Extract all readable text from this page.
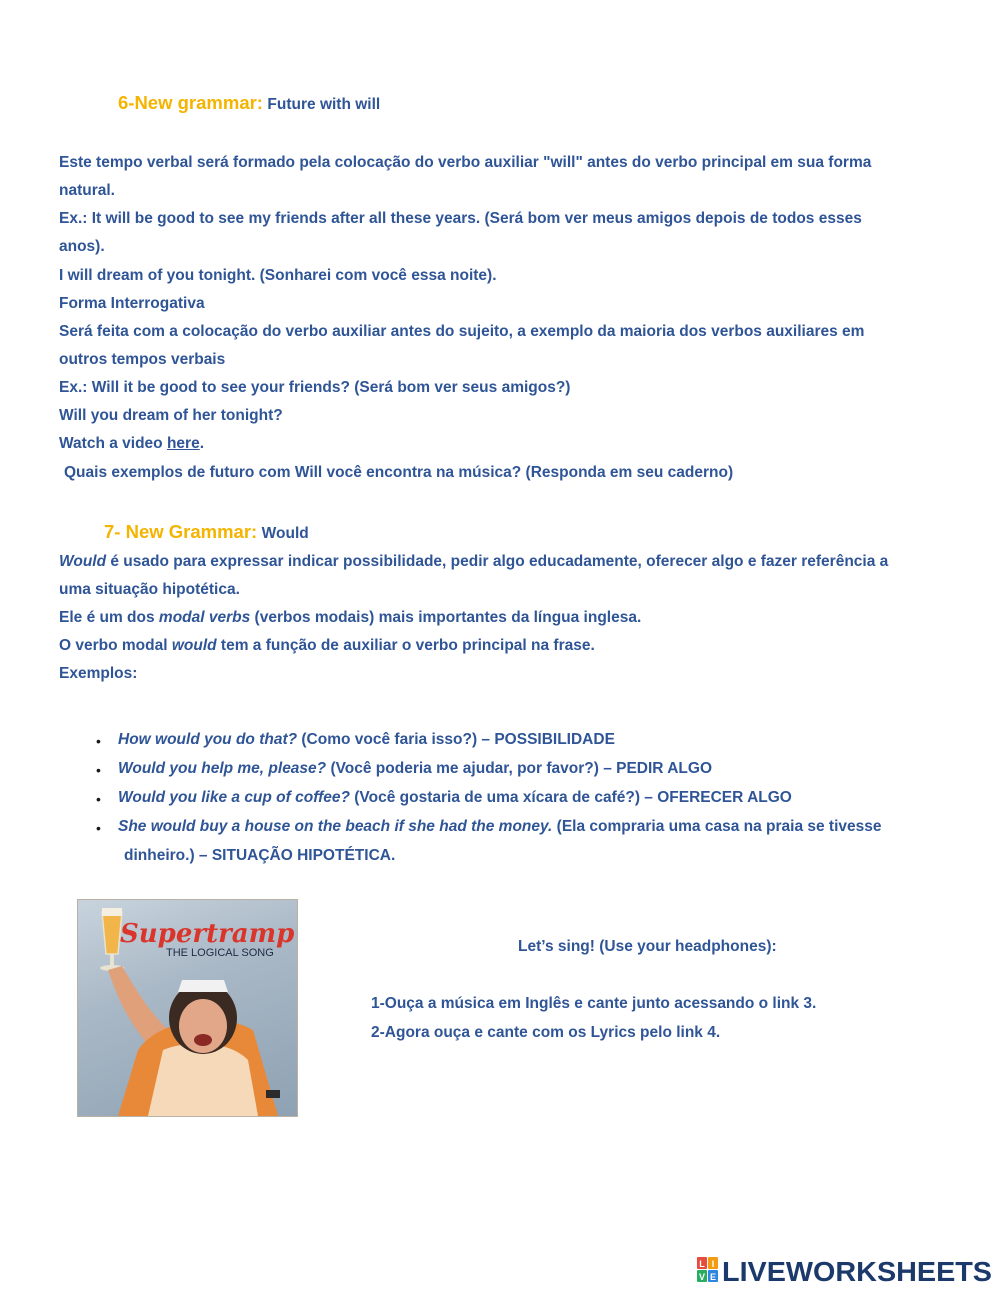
6-New grammar: Future with will
Este tempo verbal será formado pela colocação do verbo auxiliar "will" antes do verbo principal em sua forma
natural.
Ex.: It will be good to see my friends after all these years. (Será bom ver meus amigos depois de todos esses
anos).
I will dream of you tonight. (Sonharei com você essa noite).
Forma Interrogativa
Será feita com a colocação do verbo auxiliar antes do sujeito, a exemplo da maioria dos verbos auxiliares em
outros tempos verbais
Ex.: Will it be good to see your friends? (Será bom ver seus amigos?)
Will you dream of her tonight?
Watch a video here.
Quais exemplos de futuro com Will você encontra na música? (Responda em seu caderno)
7- New Grammar: Would
Would é usado para expressar indicar possibilidade, pedir algo educadamente, oferecer algo e fazer referência a
uma situação hipotética.
Ele é um dos modal verbs (verbos modais) mais importantes da língua inglesa.
O verbo modal would tem a função de auxiliar o verbo principal na frase.
Exemplos:
• How would you do that? (Como você faria isso?) – POSSIBILIDADE
• Would you help me, please? (Você poderia me ajudar, por favor?) – PEDIR ALGO
• Would you like a cup of coffee? (Você gostaria de uma xícara de café?) – OFERECER ALGO
• She would buy a house on the beach if she had the money. (Ela compraria uma casa na praia se tivesse
dinheiro.) – SITUAÇÃO HIPOTÉTICA.
Supertramp
THE LOGICAL SONG	Let’s sing! (Use your headphones):
1-Ouça a música em Inglês e cante junto acessando o link 3.
2-Agora ouça e cante com os Lyrics pelo link 4.
L I
V E LIVEWORKSHEETS
